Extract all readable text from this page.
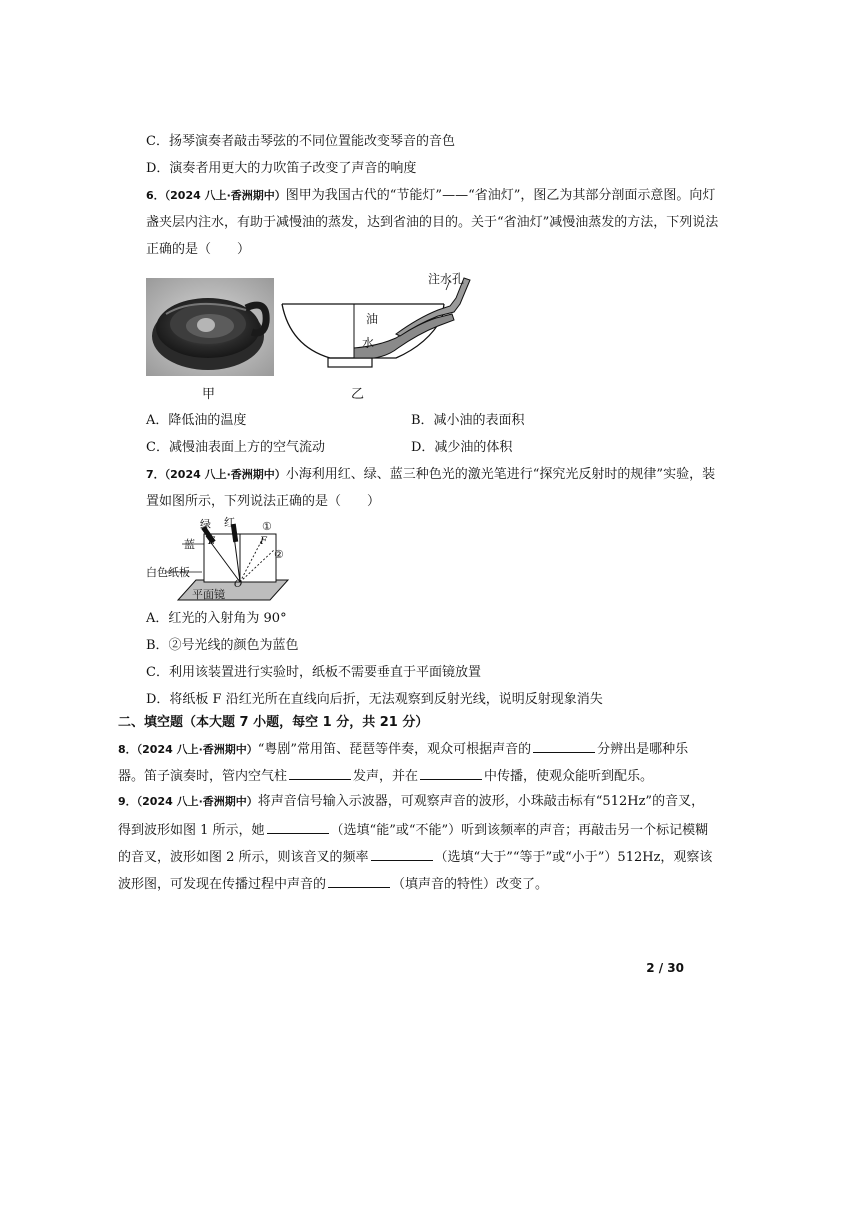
C．扬琴演奏者敲击琴弦的不同位置能改变琴音的音色
D．演奏者用更大的力吹笛子改变了声音的响度
6．（2024 八上·香洲期中）图甲为我国古代的“节能灯”——“省油灯”，图乙为其部分剖面示意图。向灯
盏夹层内注水，有助于减慢油的蒸发，达到省油的目的。关于“省油灯”减慢油蒸发的方法，下列说法
正确的是（　　）
甲
注水孔
油
水
乙
A．降低油的温度	B．减小油的表面积
C．减慢油表面上方的空气流动	D．减少油的体积
7．（2024 八上·香洲期中）小海利用红、绿、蓝三种色光的激光笔进行“探究光反射时的规律”实验，装
置如图所示，下列说法正确的是（　　）
绿 红
蓝
白色纸板
平面镜
E	F
O
①
②
A．红光的入射角为 90°
B．②号光线的颜色为蓝色
C．利用该装置进行实验时，纸板不需要垂直于平面镜放置
D．将纸板 F 沿红光所在直线向后折，无法观察到反射光线，说明反射现象消失
二、填空题（本大题 7 小题，每空 1 分，共 21 分）
8．（2024 八上·香洲期中）“粤剧”常用笛、琵琶等伴奏，观众可根据声音的	分辨出是哪种乐
器。笛子演奏时，管内空气柱	发声，并在	中传播，使观众能听到配乐。
9．（2024 八上·香洲期中）将声音信号输入示波器，可观察声音的波形，小珠敲击标有“512Hz”的音叉，
得到波形如图 1 所示，她	（选填“能”或“不能”）听到该频率的声音；再敲击另一个标记模糊
的音叉，波形如图 2 所示，则该音叉的频率	（选填“大于”“等于”或“小于”）512Hz，观察该
波形图，可发现在传播过程中声音的	（填声音的特性）改变了。
2 / 30
